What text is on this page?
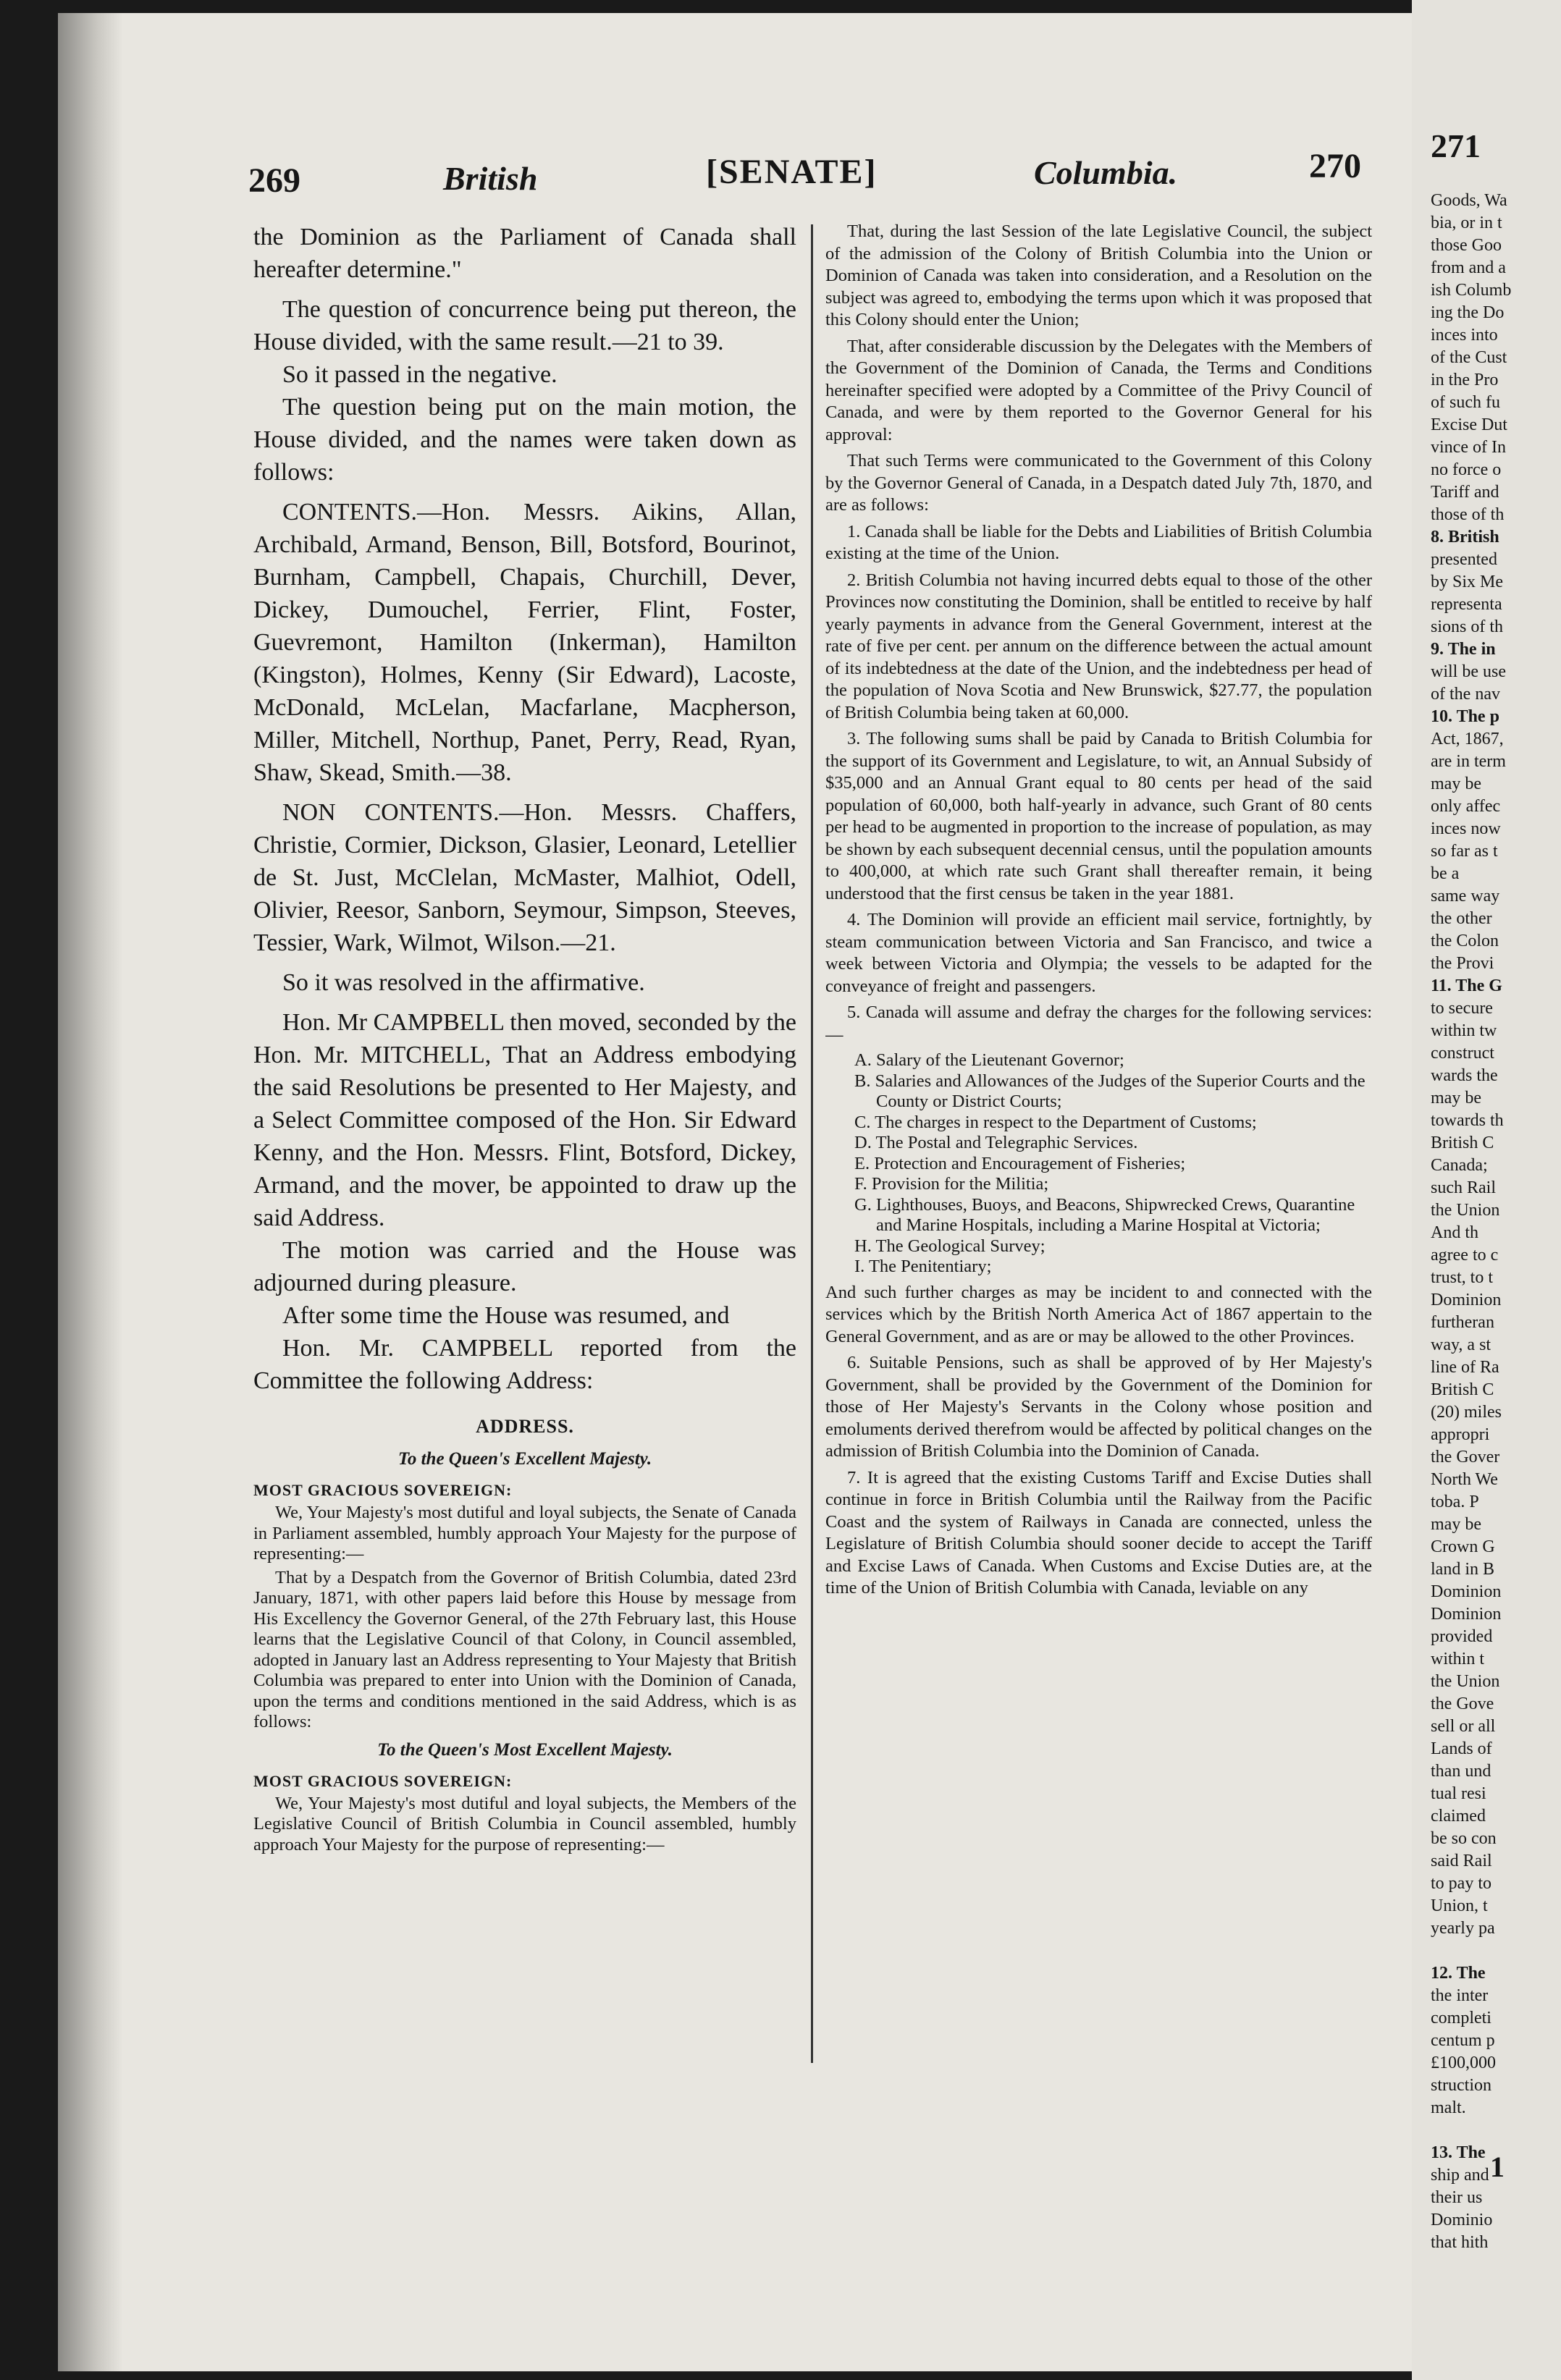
269	British	[SENATE]	Columbia.	270

the Dominion as the Parliament of Canada shall hereafter determine."

The question of concurrence being put thereon, the House divided, with the same result.—21 to 39.

So it passed in the negative.

The question being put on the main motion, the House divided, and the names were taken down as follows:

CONTENTS.—Hon. Messrs. Aikins, Allan, Archibald, Armand, Benson, Bill, Botsford, Bourinot, Burnham, Campbell, Chapais, Churchill, Dever, Dickey, Dumouchel, Ferrier, Flint, Foster, Guevremont, Hamilton (Inkerman), Hamilton (Kingston), Holmes, Kenny (Sir Edward), Lacoste, McDonald, McLelan, Macfarlane, Macpherson, Miller, Mitchell, Northup, Panet, Perry, Read, Ryan, Shaw, Skead, Smith.—38.

NON CONTENTS.—Hon. Messrs. Chaffers, Christie, Cormier, Dickson, Glasier, Leonard, Letellier de St. Just, McClelan, McMaster, Malhiot, Odell, Olivier, Reesor, Sanborn, Seymour, Simpson, Steeves, Tessier, Wark, Wilmot, Wilson.—21.

So it was resolved in the affirmative.

Hon. Mr CAMPBELL then moved, seconded by the Hon. Mr. MITCHELL, That an Address embodying the said Resolutions be presented to Her Majesty, and a Select Committee composed of the Hon. Sir Edward Kenny, and the Hon. Messrs. Flint, Botsford, Dickey, Armand, and the mover, be appointed to draw up the said Address.

The motion was carried and the House was adjourned during pleasure.

After some time the House was resumed, and

Hon. Mr. CAMPBELL reported from the Committee the following Address:

ADDRESS.
To the Queen's Excellent Majesty.
MOST GRACIOUS SOVEREIGN:

We, Your Majesty's most dutiful and loyal subjects, the Senate of Canada in Parliament assembled, humbly approach Your Majesty for the purpose of representing:—

That by a Despatch from the Governor of British Columbia, dated 23rd January, 1871, with other papers laid before this House by message from His Excellency the Governor General, of the 27th February last, this House learns that the Legislative Council of that Colony, in Council assembled, adopted in January last an Address representing to Your Majesty that British Columbia was prepared to enter into Union with the Dominion of Canada, upon the terms and conditions mentioned in the said Address, which is as follows:

To the Queen's Most Excellent Majesty.
MOST GRACIOUS SOVEREIGN:

We, Your Majesty's most dutiful and loyal subjects, the Members of the Legislative Council of British Columbia in Council assembled, humbly approach Your Majesty for the purpose of representing:—

That, during the last Session of the late Legislative Council, the subject of the admission of the Colony of British Columbia into the Union or Dominion of Canada was taken into consideration, and a Resolution on the subject was agreed to, embodying the terms upon which it was proposed that this Colony should enter the Union;

That, after considerable discussion by the Delegates with the Members of the Government of the Dominion of Canada, the Terms and Conditions hereinafter specified were adopted by a Committee of the Privy Council of Canada, and were by them reported to the Governor General for his approval:

That such Terms were communicated to the Government of this Colony by the Governor General of Canada, in a Despatch dated July 7th, 1870, and are as follows:

1. Canada shall be liable for the Debts and Liabilities of British Columbia existing at the time of the Union.

2. British Columbia not having incurred debts equal to those of the other Provinces now constituting the Dominion, shall be entitled to receive by half yearly payments in advance from the General Government, interest at the rate of five per cent. per annum on the difference between the actual amount of its indebtedness at the date of the Union, and the indebtedness per head of the population of Nova Scotia and New Brunswick, $27.77, the population of British Columbia being taken at 60,000.

3. The following sums shall be paid by Canada to British Columbia for the support of its Government and Legislature, to wit, an Annual Subsidy of $35,000 and an Annual Grant equal to 80 cents per head of the said population of 60,000, both half-yearly in advance, such Grant of 80 cents per head to be augmented in proportion to the increase of population, as may be shown by each subsequent decennial census, until the population amounts to 400,000, at which rate such Grant shall thereafter remain, it being understood that the first census be taken in the year 1881.

4. The Dominion will provide an efficient mail service, fortnightly, by steam communication between Victoria and San Francisco, and twice a week between Victoria and Olympia; the vessels to be adapted for the conveyance of freight and passengers.

5. Canada will assume and defray the charges for the following services:—

A. Salary of the Lieutenant Governor;
B. Salaries and Allowances of the Judges of the Superior Courts and the County or District Courts;
C. The charges in respect to the Department of Customs;
D. The Postal and Telegraphic Services.
E. Protection and Encouragement of Fisheries;
F. Provision for the Militia;
G. Lighthouses, Buoys, and Beacons, Shipwrecked Crews, Quarantine and Marine Hospitals, including a Marine Hospital at Victoria;
H. The Geological Survey;
I. The Penitentiary;

And such further charges as may be incident to and connected with the services which by the British North America Act of 1867 appertain to the General Government, and as are or may be allowed to the other Provinces.

6. Suitable Pensions, such as shall be approved of by Her Majesty's Government, shall be provided by the Government of the Dominion for those of Her Majesty's Servants in the Colony whose position and emoluments derived therefrom would be affected by political changes on the admission of British Columbia into the Dominion of Canada.

7. It is agreed that the existing Customs Tariff and Excise Duties shall continue in force in British Columbia until the Railway from the Pacific Coast and the system of Railways in Canada are connected, unless the Legislature of British Columbia should sooner decide to accept the Tariff and Excise Laws of Canada. When Customs and Excise Duties are, at the time of the Union of British Columbia with Canada, leviable on any

271
Goods, Wa
bia, or in t
those Goo
from and a
ish Columb
ing the Do
inces into
of the Cust
in the Pro
of such fu
Excise Dut
vince of In
no force o
Tariff and
those of th
8. British
presented
by Six Me
representa
sions of th
9. The in
will be use
of the nav
10. The p
Act, 1867,
are in term
may be
only affec
inces now
so far as t
be a
same way
the other
the Colon
the Provi
11. The G
to secure
within tw
construct
wards the
may be
towards th
British C
Canada;
such Rail
the Union
And th
agree to c
trust, to t
Dominion
furtheran
way, a st
line of Ra
British C
(20) miles
appropri
the Gover
North We
toba. P
may be
Crown G
land in B
Dominion
Dominion
provided
within t
the Union
the Gove
sell or all
Lands of
than und
tual resi
claimed
be so con
said Rail
to pay to
Union, t
yearly pa

12. The
the inter
completi
centum p
£100,000
struction
malt.

13. The
ship and
their us
Dominio
that hith
1
